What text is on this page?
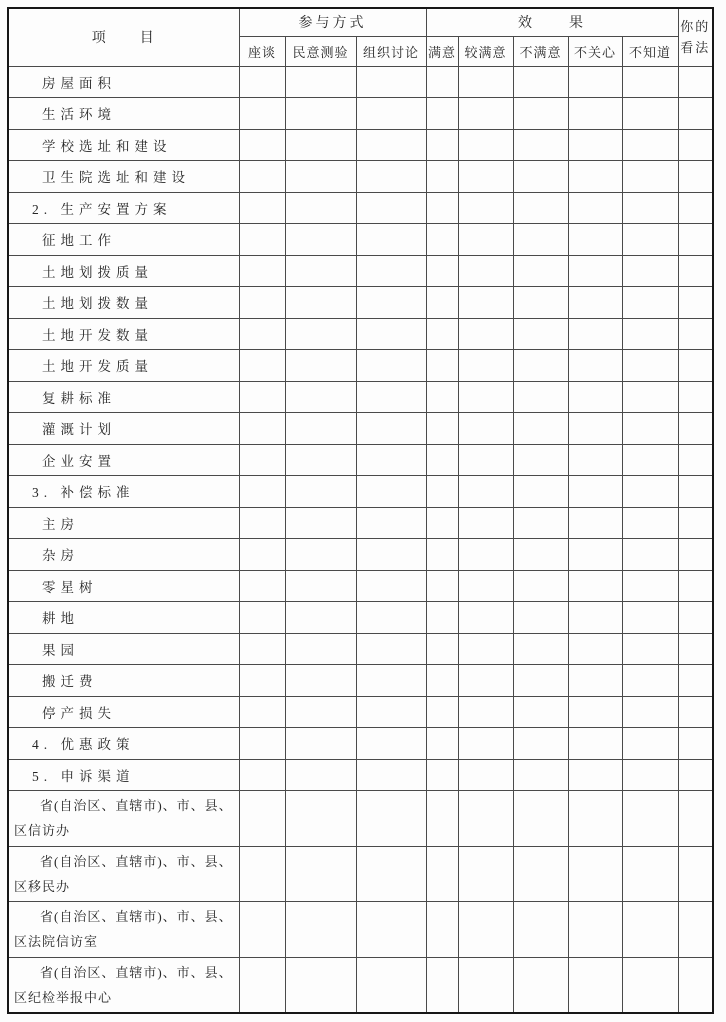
项　　目	参与方式			效　　果					你的看法
	座谈	民意测验	组织讨论	满意	较满意	不满意	不关心	不知道	
房屋面积									
生活环境									
学校选址和建设									
卫生院选址和建设									
2. 生产安置方案									
征地工作									
土地划拨质量									
土地划拨数量									
土地开发数量									
土地开发质量									
复耕标准									
灌溉计划									
企业安置									
3. 补偿标准									
主房									
杂房									
零星树									
耕地									
果园									
搬迁费									
停产损失									
4. 优惠政策									
5. 申诉渠道									
省(自治区、直辖市)、市、县、区信访办									
省(自治区、直辖市)、市、县、区移民办									
省(自治区、直辖市)、市、县、区法院信访室									
省(自治区、直辖市)、市、县、区纪检举报中心									
